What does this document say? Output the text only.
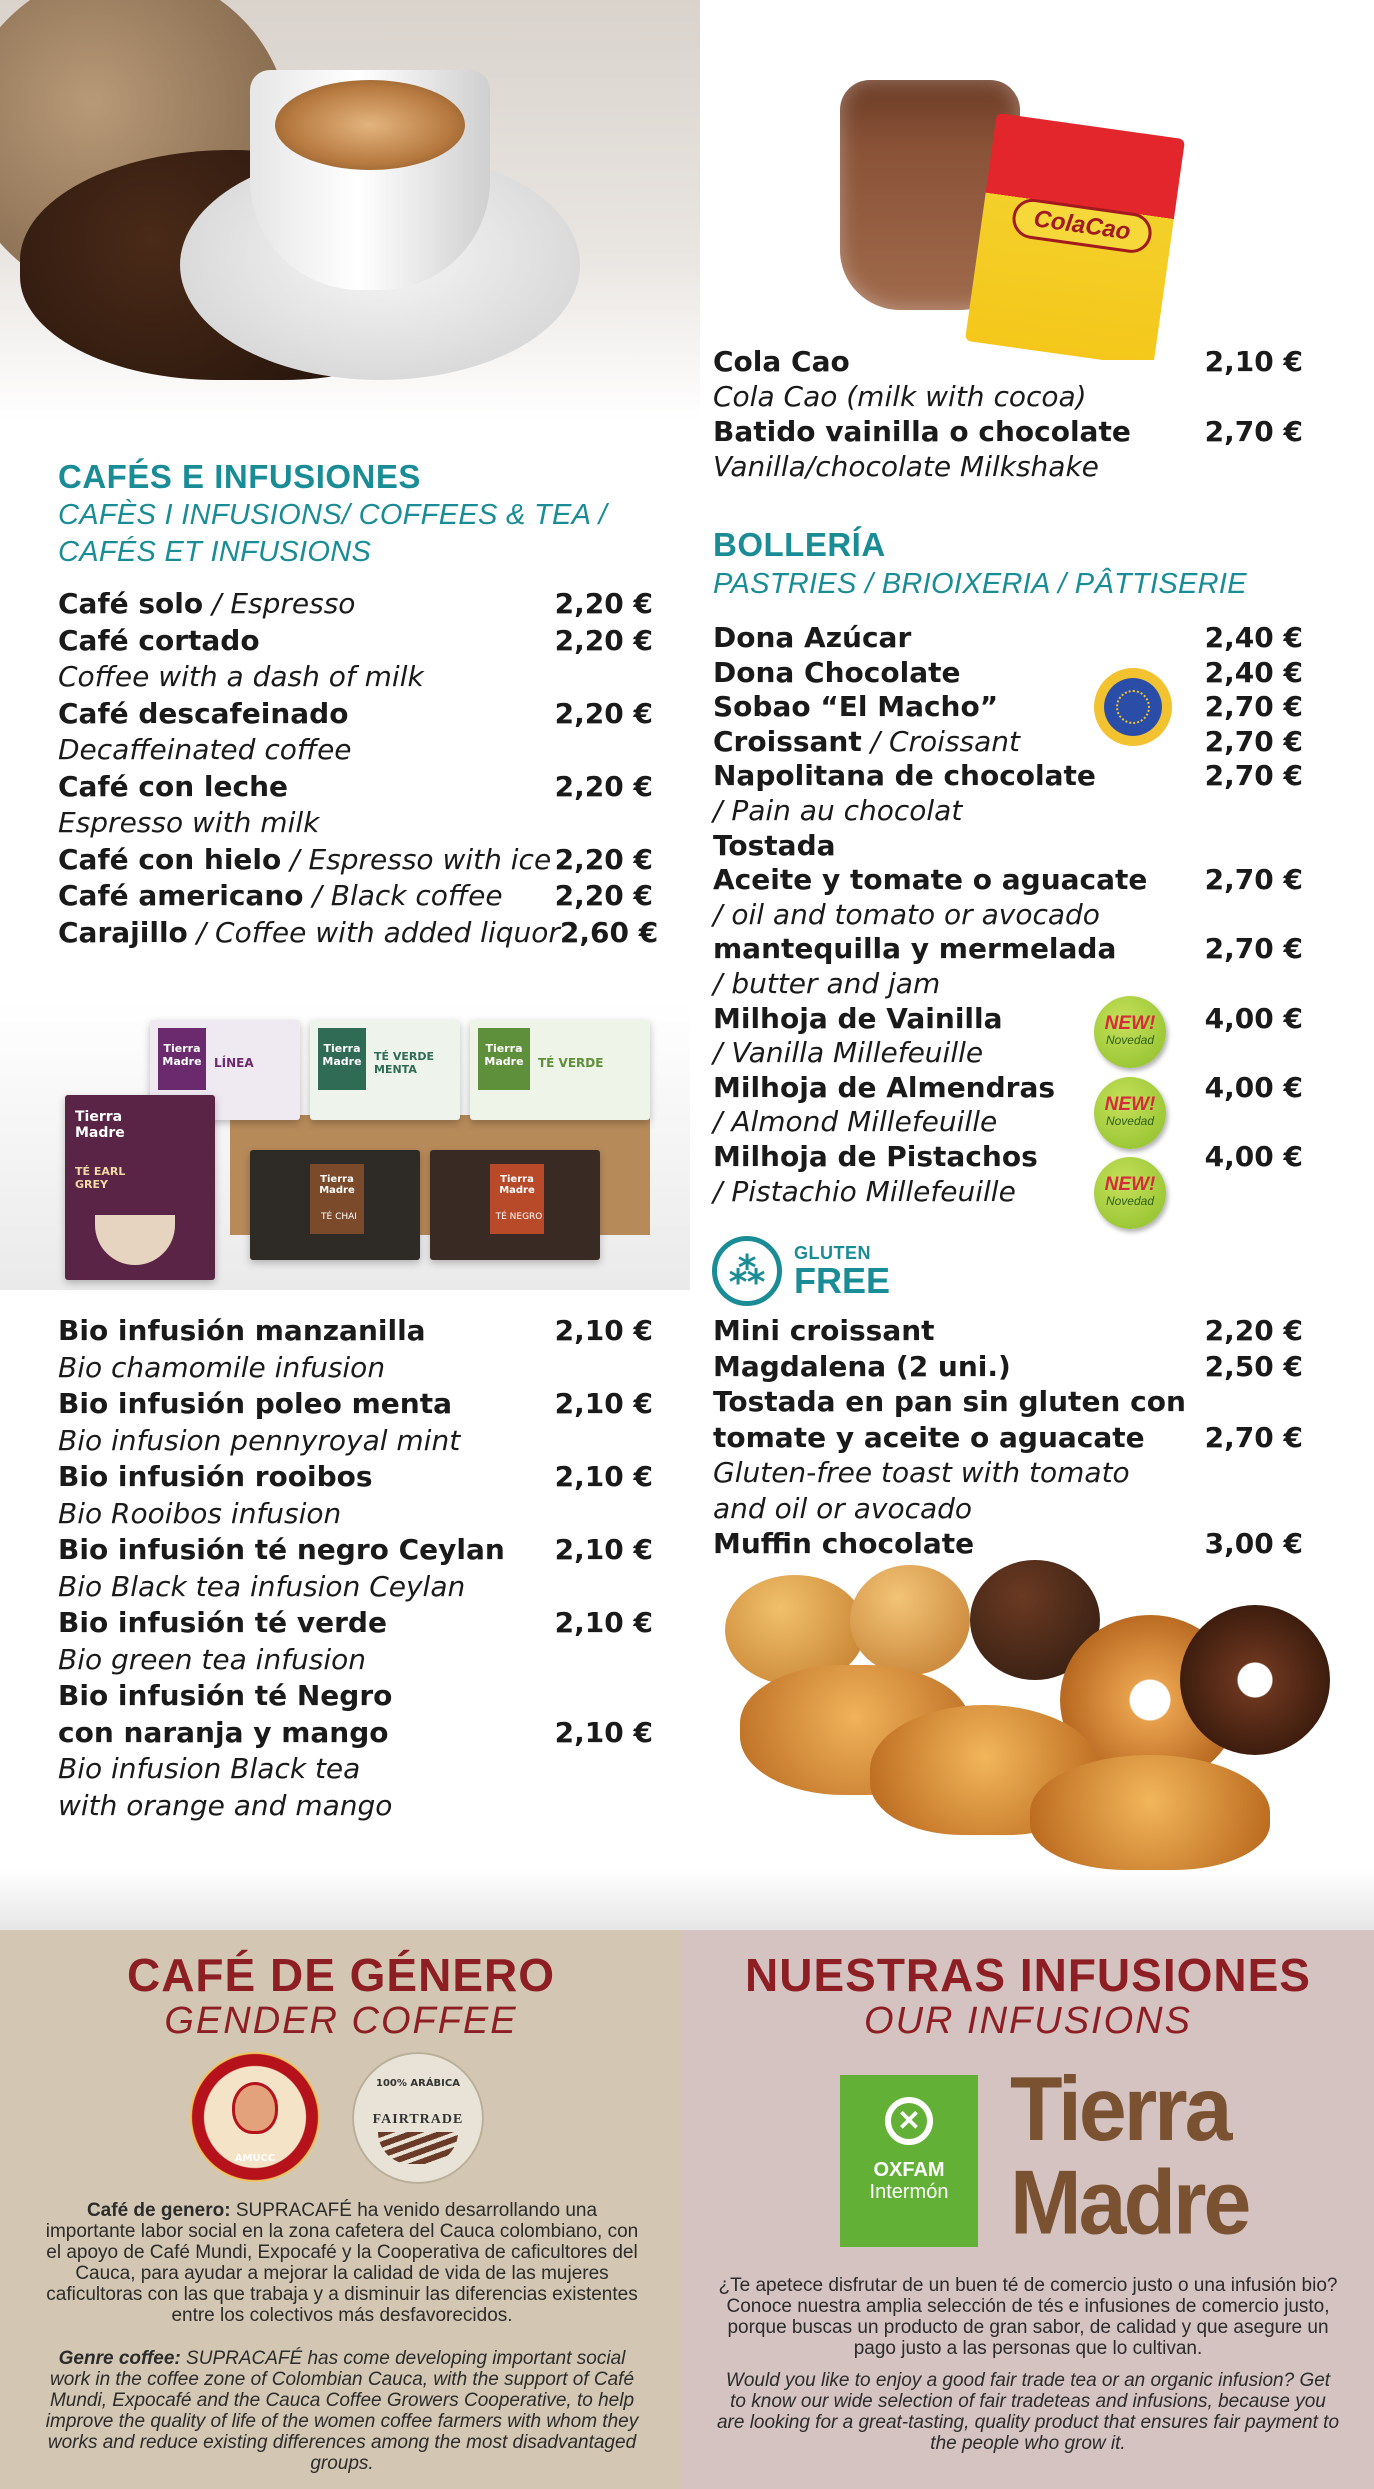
ColaCao
Tierra Madre	LÍNEA
Tierra Madre	TÉ VERDE MENTA
Tierra Madre	TÉ VERDE
Tierra Madre
TÉ EARL GREY	Tierra Madre
TÉ CHAI
Tierra Madre
TÉ NEGRO
CAFÉS E INFUSIONES
CAFÈS I INFUSIONS/ COFFEES & TEA /
CAFÉS ET INFUSIONS
Café solo / Espresso	2,20 €
Café cortado	2,20 €
Coffee with a dash of milk
Café descafeinado	2,20 €
Decaffeinated coffee
Café con leche	2,20 €
Espresso with milk
Café con hielo / Espresso with ice 2,20 €
Café americano / Black coffee 2,20 €
Carajillo / Coffee with added liquor 2,60 €
Bio infusión manzanilla	2,10 €
Bio chamomile infusion
Bio infusión poleo menta	2,10 €
Bio infusion pennyroyal mint
Bio infusión rooibos	2,10 €
Bio Rooibos infusion
Bio infusión té negro Ceylan 2,10 €
Bio Black tea infusion Ceylan
Bio infusión té verde	2,10 €
Bio green tea infusion
Bio infusión té Negro
con naranja y mango	2,10 €
Bio infusion Black tea
with orange and mango
Cola Cao	2,10 €
Cola Cao (milk with cocoa)
Batido vainilla o chocolate	2,70 €
Vanilla/chocolate Milkshake
BOLLERÍA
PASTRIES / BRIOIXERIA / PÂTTISERIE
Dona Azúcar	2,40 €
Dona Chocolate	2,40 €
Sobao “El Macho”	2,70 €
Croissant / Croissant	2,70 €
Napolitana de chocolate	2,70 €
/ Pain au chocolat
Tostada
Aceite y tomate o aguacate 2,70 €
/ oil and tomato or avocado
mantequilla y mermelada	2,70 €
/ butter and jam
Milhoja de Vainilla	4,00 €
/ Vanilla Millefeuille
Milhoja de Almendras	4,00 €
/ Almond Millefeuille
Milhoja de Pistachos	4,00 €
/ Pistachio Millefeuille
NEW!
Novedad
NEW!
Novedad
NEW!
Novedad
⁂	GLUTEN
FREE
Mini croissant	2,20 €
Magdalena (2 uni.)	2,50 €
Tostada en pan sin gluten con
tomate y aceite o aguacate 2,70 €
Gluten-free toast with tomato
and oil or avocado
Muffin chocolate	3,00 €
CAFÉ DE GÉNERO
GENDER COFFEE
Café de genero: SUPRACAFÉ ha venido desarrollando una importante labor social en la zona cafetera del Cauca colombiano, con el apoyo de Café Mundi, Expocafé y la Cooperativa de caficultores del Cauca, para ayudar a mejorar la calidad de vida de las mujeres caficultoras con las que trabaja y a disminuir las diferencias existentes entre los colectivos más desfavorecidos.
Genre coffee: SUPRACAFÉ has come developing important social work in the coffee zone of Colombian Cauca, with the support of Café Mundi, Expocafé and the Cauca Coffee Growers Cooperative, to help improve the quality of life of the women coffee farmers with whom they works and reduce existing differences among the most disadvantaged groups.
AMUCC
100% ARÁBICA
FAIRTRADE
NUESTRAS INFUSIONES
OUR INFUSIONS
¿Te apetece disfrutar de un buen té de comercio justo o una infusión bio? Conoce nuestra amplia selección de tés e infusiones de comercio justo, porque buscas un producto de gran sabor, de calidad y que asegure un pago justo a las personas que lo cultivan.
Would you like to enjoy a good fair trade tea or an organic infusion? Get to know our wide selection of fair tradeteas and infusions, because you are looking for a great-tasting, quality product that ensures fair payment to the people who grow it.
✕
OXFAM
Intermón
Tierra
Madre
